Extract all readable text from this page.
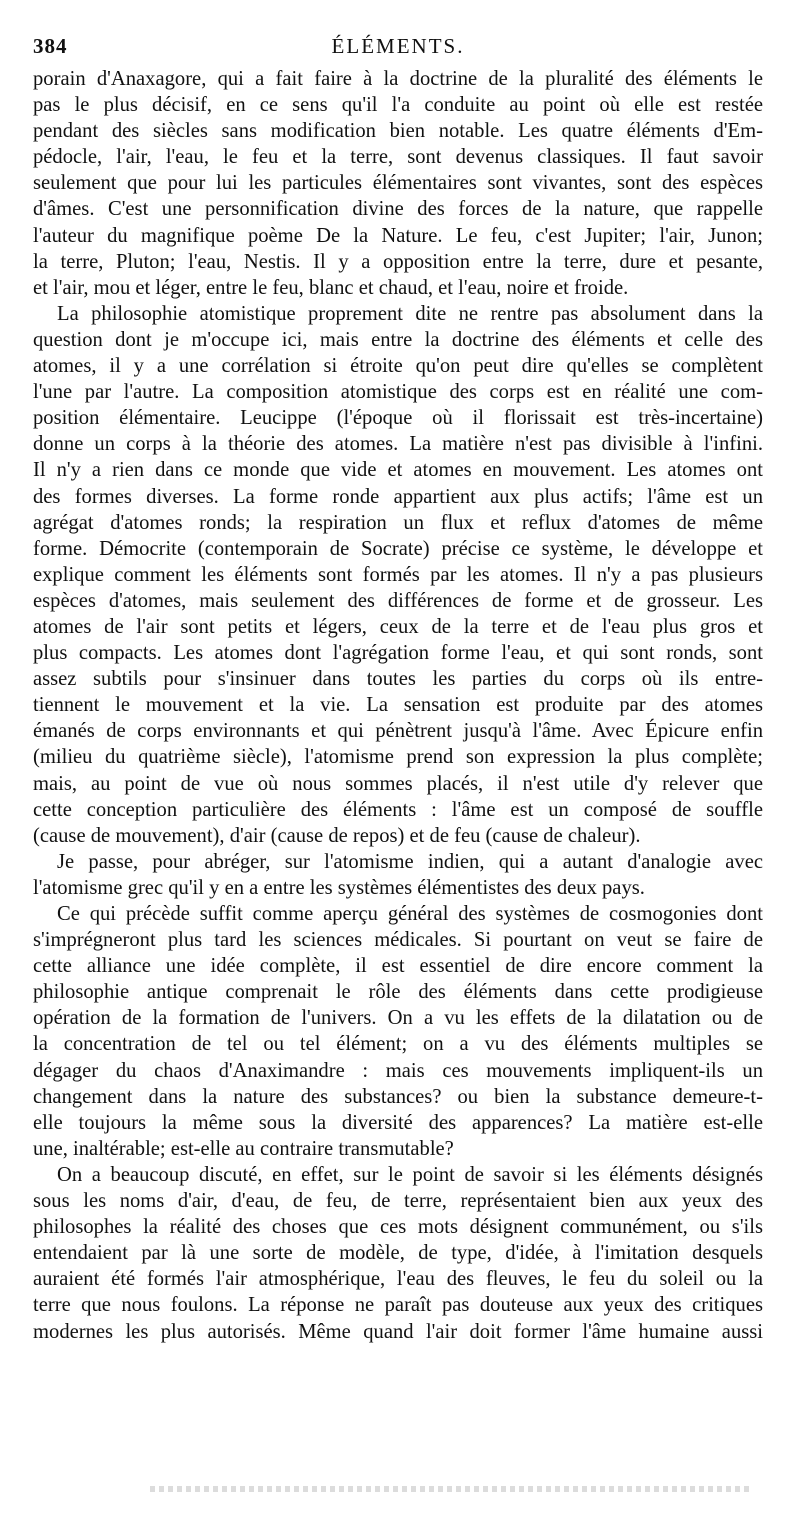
384	ÉLÉMENTS.
porain d'Anaxagore, qui a fait faire à la doctrine de la pluralité des éléments le
pas le plus décisif, en ce sens qu'il l'a conduite au point où elle est restée
pendant des siècles sans modification bien notable. Les quatre éléments d'Em-
pédocle, l'air, l'eau, le feu et la terre, sont devenus classiques. Il faut savoir
seulement que pour lui les particules élémentaires sont vivantes, sont des espèces
d'âmes. C'est une personnification divine des forces de la nature, que rappelle
l'auteur du magnifique poème De la Nature. Le feu, c'est Jupiter; l'air, Junon;
la terre, Pluton; l'eau, Nestis. Il y a opposition entre la terre, dure et pesante,
et l'air, mou et léger, entre le feu, blanc et chaud, et l'eau, noire et froide.
La philosophie atomistique proprement dite ne rentre pas absolument dans la
question dont je m'occupe ici, mais entre la doctrine des éléments et celle des
atomes, il y a une corrélation si étroite qu'on peut dire qu'elles se complètent
l'une par l'autre. La composition atomistique des corps est en réalité une com-
position élémentaire. Leucippe (l'époque où il florissait est très-incertaine)
donne un corps à la théorie des atomes. La matière n'est pas divisible à l'infini.
Il n'y a rien dans ce monde que vide et atomes en mouvement. Les atomes ont
des formes diverses. La forme ronde appartient aux plus actifs; l'âme est un
agrégat d'atomes ronds; la respiration un flux et reflux d'atomes de même
forme. Démocrite (contemporain de Socrate) précise ce système, le développe et
explique comment les éléments sont formés par les atomes. Il n'y a pas plusieurs
espèces d'atomes, mais seulement des différences de forme et de grosseur. Les
atomes de l'air sont petits et légers, ceux de la terre et de l'eau plus gros et
plus compacts. Les atomes dont l'agrégation forme l'eau, et qui sont ronds, sont
assez subtils pour s'insinuer dans toutes les parties du corps où ils entre-
tiennent le mouvement et la vie. La sensation est produite par des atomes
émanés de corps environnants et qui pénètrent jusqu'à l'âme. Avec Épicure enfin
(milieu du quatrième siècle), l'atomisme prend son expression la plus complète;
mais, au point de vue où nous sommes placés, il n'est utile d'y relever que
cette conception particulière des éléments : l'âme est un composé de souffle
(cause de mouvement), d'air (cause de repos) et de feu (cause de chaleur).
Je passe, pour abréger, sur l'atomisme indien, qui a autant d'analogie avec
l'atomisme grec qu'il y en a entre les systèmes élémentistes des deux pays.
Ce qui précède suffit comme aperçu général des systèmes de cosmogonies dont
s'imprégneront plus tard les sciences médicales. Si pourtant on veut se faire de
cette alliance une idée complète, il est essentiel de dire encore comment la
philosophie antique comprenait le rôle des éléments dans cette prodigieuse
opération de la formation de l'univers. On a vu les effets de la dilatation ou de
la concentration de tel ou tel élément; on a vu des éléments multiples se
dégager du chaos d'Anaximandre : mais ces mouvements impliquent-ils un
changement dans la nature des substances? ou bien la substance demeure-t-
elle toujours la même sous la diversité des apparences? La matière est-elle
une, inaltérable; est-elle au contraire transmutable?
On a beaucoup discuté, en effet, sur le point de savoir si les éléments désignés
sous les noms d'air, d'eau, de feu, de terre, représentaient bien aux yeux des
philosophes la réalité des choses que ces mots désignent communément, ou s'ils
entendaient par là une sorte de modèle, de type, d'idée, à l'imitation desquels
auraient été formés l'air atmosphérique, l'eau des fleuves, le feu du soleil ou la
terre que nous foulons. La réponse ne paraît pas douteuse aux yeux des critiques
modernes les plus autorisés. Même quand l'air doit former l'âme humaine aussi
